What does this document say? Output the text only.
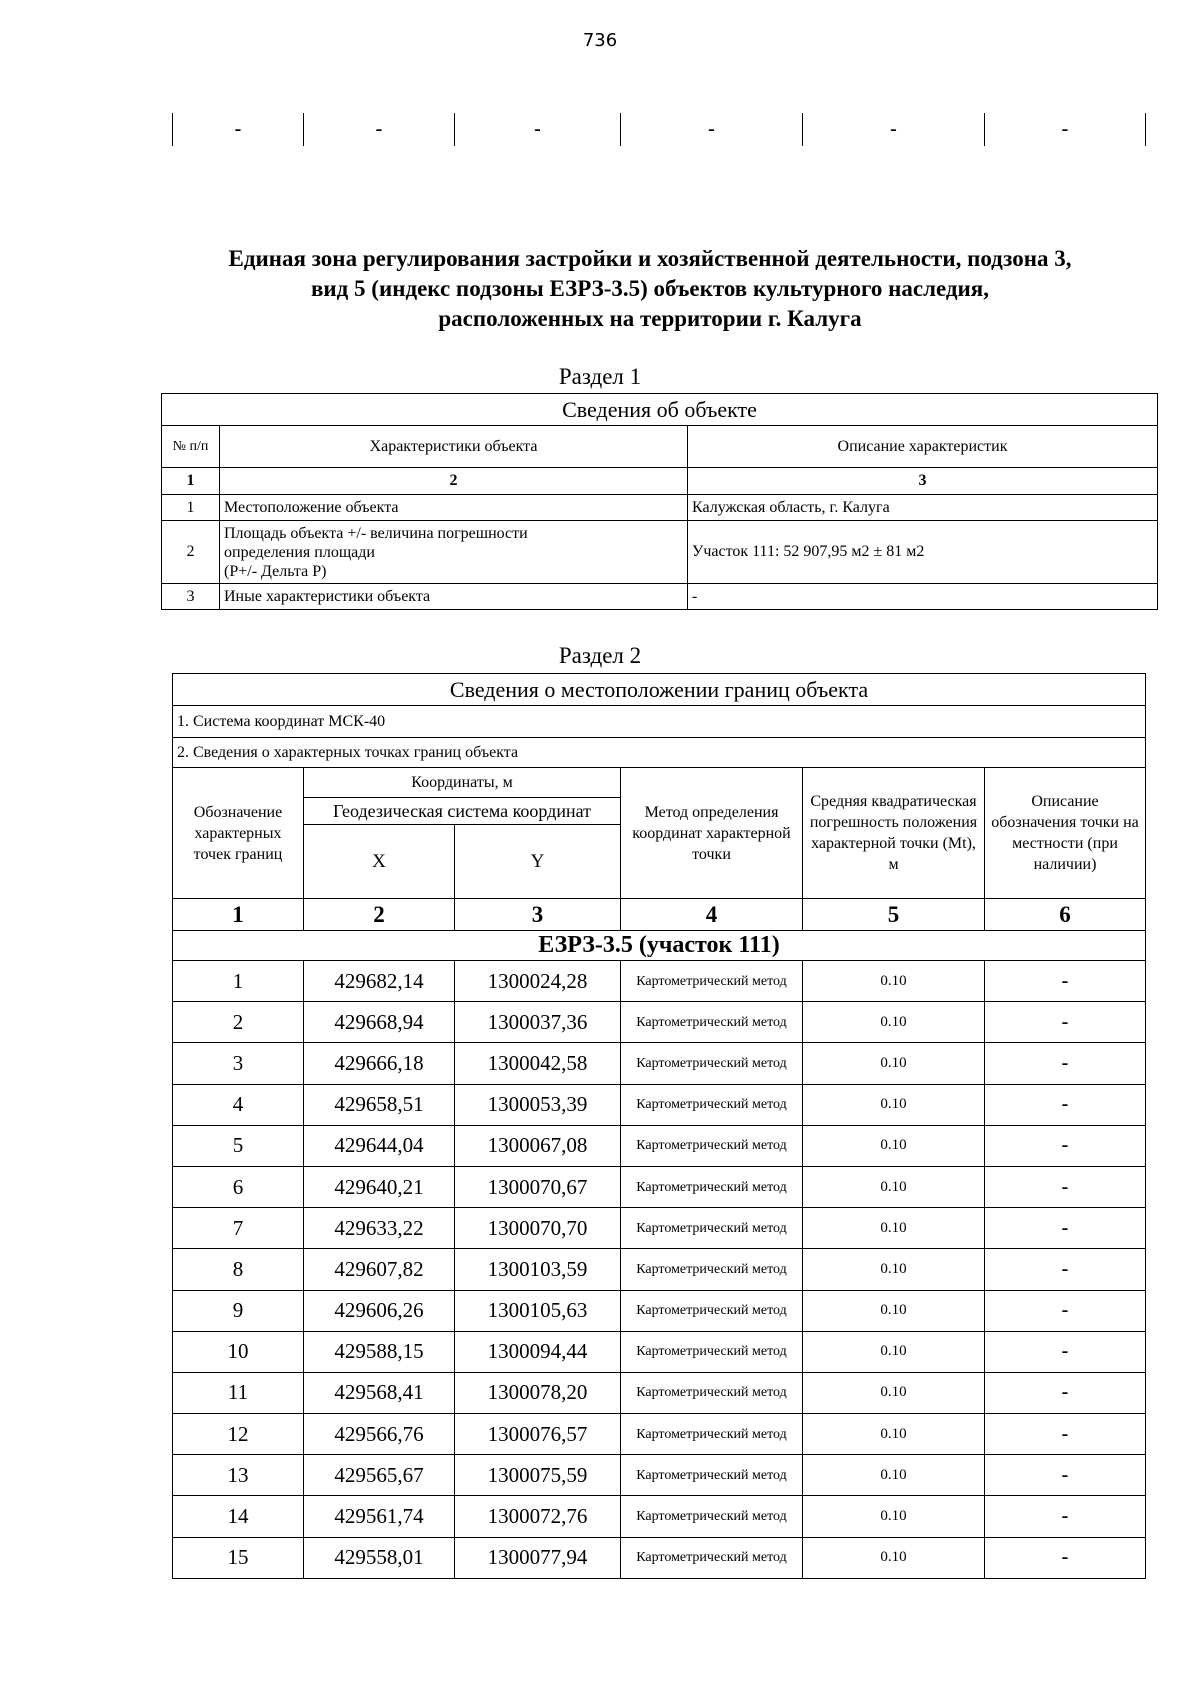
736
-	-	-	-	-	-
Единая зона регулирования застройки и хозяйственной деятельности, подзона 3,
вид 5 (индекс подзоны ЕЗРЗ-3.5) объектов культурного наследия,
расположенных на территории г. Калуга
Раздел 1
Сведения об объекте		
№ п/п	Характеристики объекта	Описание характеристик
1	2	3
1	Местоположение объекта	Калужская область, г. Калуга
2	Площадь объекта +/- величина погрешности
определения площади
(Р+/- Дельта Р)	Участок 111: 52 907,95 м2 ± 81 м2
3	Иные характеристики объекта	-
Раздел 2
Сведения о местоположении границ объекта					
1. Система координат МСК-40					
2. Сведения о характерных точках границ объекта					
Обозначение характерных точек границ	Координаты, м		Метод определения координат характерной точки	Средняя квадратическая погрешность положения характерной точки (Mt), м	Описание обозначения точки на местности (при наличии)
	Геодезическая система координат				
	X	Y			
1	2	3	4	5	6
ЕЗРЗ-3.5 (участок 111)					
1	429682,14	1300024,28	Картометрический метод	0.10	-
2	429668,94	1300037,36	Картометрический метод	0.10	-
3	429666,18	1300042,58	Картометрический метод	0.10	-
4	429658,51	1300053,39	Картометрический метод	0.10	-
5	429644,04	1300067,08	Картометрический метод	0.10	-
6	429640,21	1300070,67	Картометрический метод	0.10	-
7	429633,22	1300070,70	Картометрический метод	0.10	-
8	429607,82	1300103,59	Картометрический метод	0.10	-
9	429606,26	1300105,63	Картометрический метод	0.10	-
10	429588,15	1300094,44	Картометрический метод	0.10	-
11	429568,41	1300078,20	Картометрический метод	0.10	-
12	429566,76	1300076,57	Картометрический метод	0.10	-
13	429565,67	1300075,59	Картометрический метод	0.10	-
14	429561,74	1300072,76	Картометрический метод	0.10	-
15	429558,01	1300077,94	Картометрический метод	0.10	-
